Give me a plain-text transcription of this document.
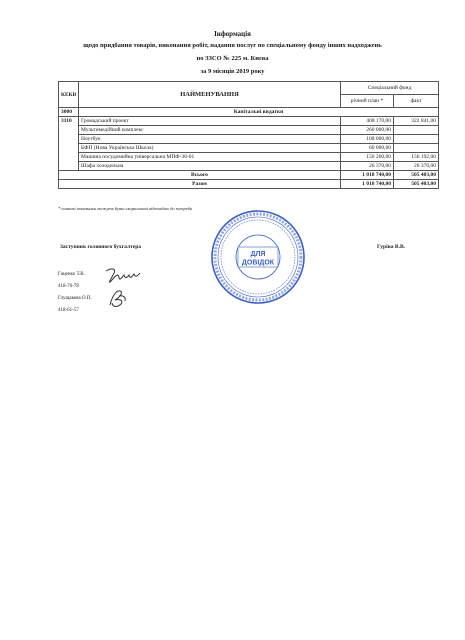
Інформація
щодо придбання товарів, виконання робіт, надання послуг по спеціальному фонду інших надходжень
по ЗЗСО № 225 м. Києва
за 9 місяців 2019 року
КЕКВ	НАЙМЕНУВАННЯ	Спеціальний фонд	
		річний план *	факт
3000	Капітальні видатки		
3110	Громадський проект	408 170,00	322 841,00
	Мультимедійний комплекс	260 000,00	
	Ноутбук	108 000,00	
	БФП (Нова Українська Школа)	60 000,00	
	Машина посудомийна універсальна МПФ-30-01	156 200,00	156 192,00
	Шафа холодильна	26 370,00	26 370,00
Всього		1 018 740,00	505 403,00
Разом		1 018 740,00	505 403,00
* планові показники можуть бути скориговані відповідно до потреби
Заступник головного бухгалтера	Гуріна В.В.
Гаценко Т.В.
418-76-78
Глущакова О.П.
418-61-57
ДЛЯ
ДОВІДОК
